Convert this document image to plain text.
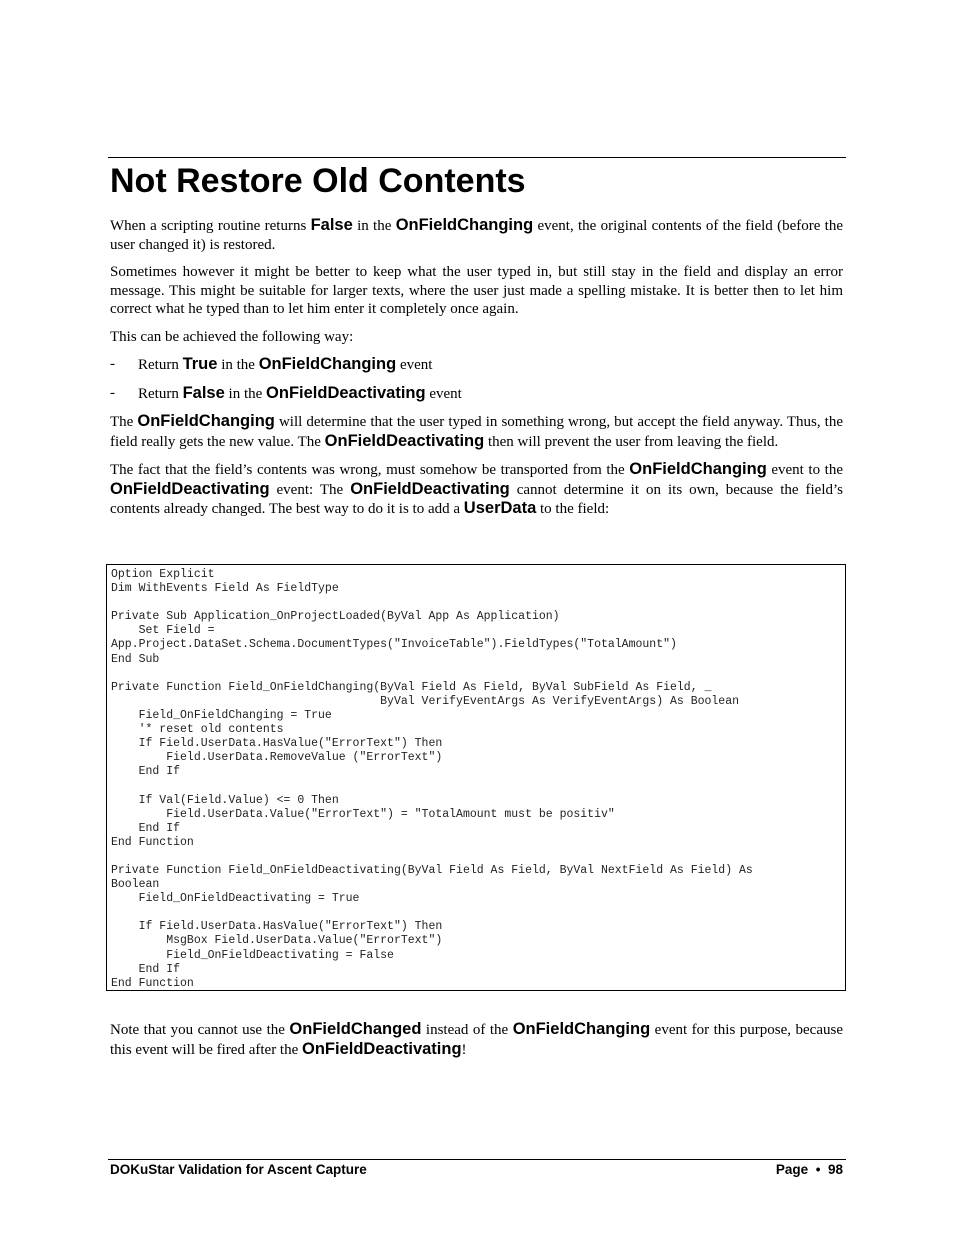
Not Restore Old Contents

When a scripting routine returns False in the OnFieldChanging event, the original contents of the field (before the user changed it) is restored.

Sometimes however it might be better to keep what the user typed in, but still stay in the field and display an error message. This might be suitable for larger texts, where the user just made a spelling mistake. It is better then to let him correct what he typed than to let him enter it completely once again.

This can be achieved the following way:

-	Return True in the OnFieldChanging event
-	Return False in the OnFieldDeactivating event

The OnFieldChanging will determine that the user typed in something wrong, but accept the field anyway. Thus, the field really gets the new value. The OnFieldDeactivating then will prevent the user from leaving the field.

The fact that the field’s contents was wrong, must somehow be transported from the OnFieldChanging event to the OnFieldDeactivating event: The OnFieldDeactivating cannot determine it on its own, because the field’s contents already changed. The best way to do it is to add a UserData to the field:

Option Explicit
Dim WithEvents Field As FieldType

Private Sub Application_OnProjectLoaded(ByVal App As Application)
Set Field =
App.Project.DataSet.Schema.DocumentTypes("InvoiceTable").FieldTypes("TotalAmount")
End Sub

Private Function Field_OnFieldChanging(ByVal Field As Field, ByVal SubField As Field, _
ByVal VerifyEventArgs As VerifyEventArgs) As Boolean
Field_OnFieldChanging = True
'* reset old contents
If Field.UserData.HasValue("ErrorText") Then
Field.UserData.RemoveValue ("ErrorText")
End If

If Val(Field.Value) <= 0 Then
Field.UserData.Value("ErrorText") = "TotalAmount must be positiv"
End If
End Function

Private Function Field_OnFieldDeactivating(ByVal Field As Field, ByVal NextField As Field) As
Boolean
Field_OnFieldDeactivating = True

If Field.UserData.HasValue("ErrorText") Then
MsgBox Field.UserData.Value("ErrorText")
Field_OnFieldDeactivating = False
End If
End Function

Note that you cannot use the OnFieldChanged instead of the OnFieldChanging event for this purpose, because this event will be fired after the OnFieldDeactivating!

DOKuStar Validation for Ascent Capture	Page • 98
